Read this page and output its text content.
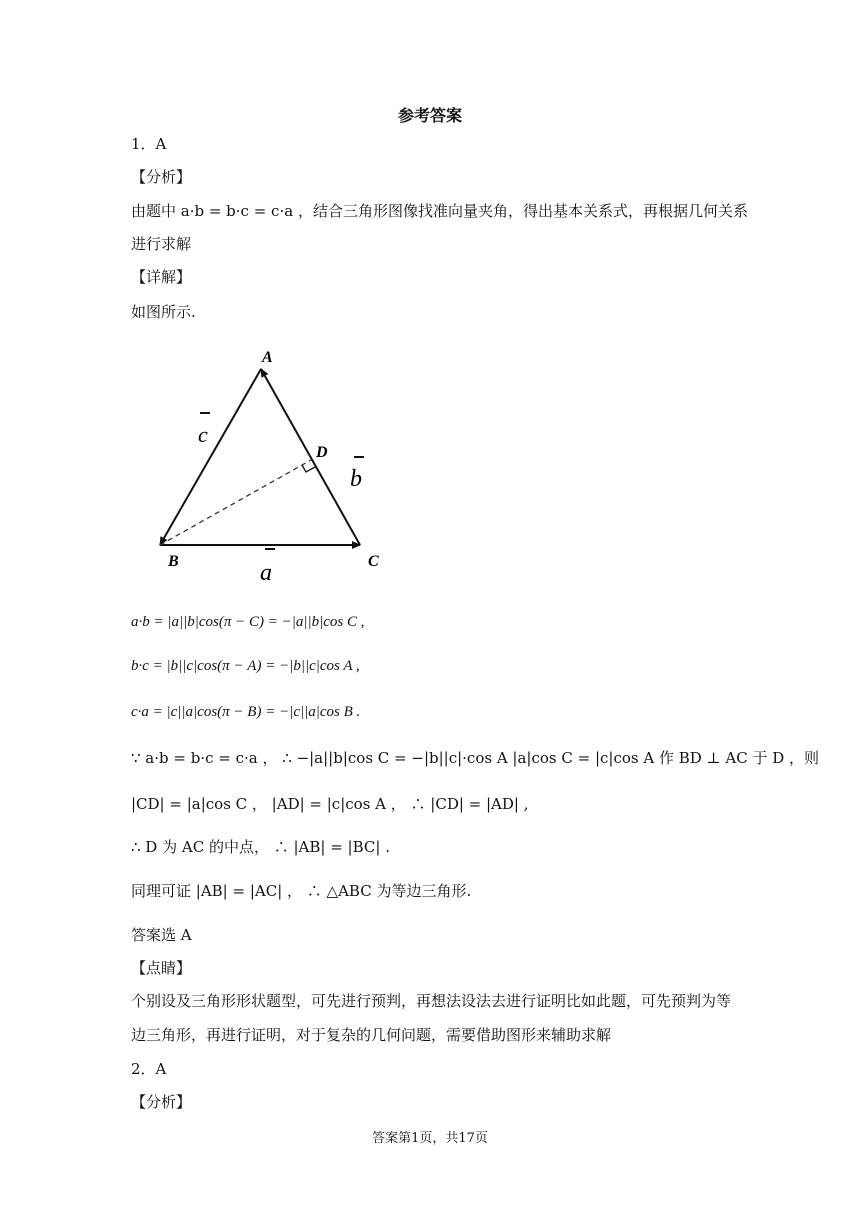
参考答案
1．A
【分析】
由题中 a·b = b·c = c·a ，结合三角形图像找准向量夹角，得出基本关系式，再根据几何关系
进行求解
【详解】
如图所示.
A
B	C
D
c
b
a
a·b = |a||b|cos(π − C) = −|a||b|cos C ,
b·c = |b||c|cos(π − A) = −|b||c|cos A ,
c·a = |c||a|cos(π − B) = −|c||a|cos B .
∵ a·b = b·c = c·a ， ∴ −|a||b|cos C = −|b||c|·cos A |a|cos C = |c|cos A 作 BD ⊥ AC 于 D ，则
|CD| = |a|cos C ， |AD| = |c|cos A ， ∴ |CD| = |AD| ,
∴ D 为 AC 的中点， ∴ |AB| = |BC| .
同理可证 |AB| = |AC| ， ∴ △ABC 为等边三角形.
答案选 A
【点睛】
个别设及三角形形状题型，可先进行预判，再想法设法去进行证明比如此题，可先预判为等
边三角形，再进行证明，对于复杂的几何问题，需要借助图形来辅助求解
2．A
【分析】
答案第1页，共17页
